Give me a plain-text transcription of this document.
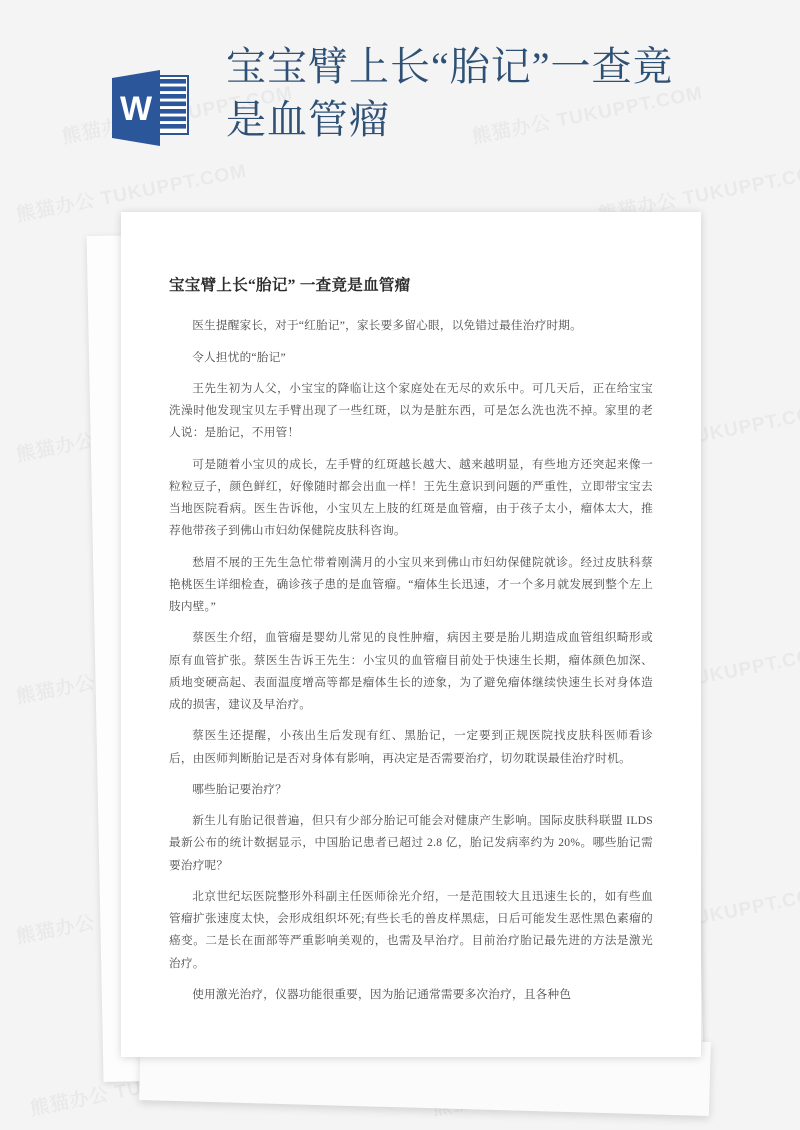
W
宝宝臂上长“胎记”一查竟是血管瘤
宝宝臂上长“胎记” 一查竟是血管瘤

医生提醒家长，对于“红胎记”，家长要多留心眼，以免错过最佳治疗时期。

令人担忧的“胎记”

王先生初为人父，小宝宝的降临让这个家庭处在无尽的欢乐中。可几天后，正在给宝宝洗澡时他发现宝贝左手臂出现了一些红斑，以为是脏东西，可是怎么洗也洗不掉。家里的老人说：是胎记，不用管！

可是随着小宝贝的成长，左手臂的红斑越长越大、越来越明显，有些地方还突起来像一粒粒豆子，颜色鲜红，好像随时都会出血一样！王先生意识到问题的严重性，立即带宝宝去当地医院看病。医生告诉他，小宝贝左上肢的红斑是血管瘤，由于孩子太小，瘤体太大，推荐他带孩子到佛山市妇幼保健院皮肤科咨询。

愁眉不展的王先生急忙带着刚满月的小宝贝来到佛山市妇幼保健院就诊。经过皮肤科蔡艳桃医生详细检查，确诊孩子患的是血管瘤。“瘤体生长迅速，才一个多月就发展到整个左上肢内壁。”

蔡医生介绍，血管瘤是婴幼儿常见的良性肿瘤，病因主要是胎儿期造成血管组织畸形或原有血管扩张。蔡医生告诉王先生：小宝贝的血管瘤目前处于快速生长期，瘤体颜色加深、质地变硬高起、表面温度增高等都是瘤体生长的迹象，为了避免瘤体继续快速生长对身体造成的损害，建议及早治疗。

蔡医生还提醒，小孩出生后发现有红、黑胎记，一定要到正规医院找皮肤科医师看诊后，由医师判断胎记是否对身体有影响，再决定是否需要治疗，切勿耽误最佳治疗时机。

哪些胎记要治疗？

新生儿有胎记很普遍，但只有少部分胎记可能会对健康产生影响。国际皮肤科联盟 ILDS 最新公布的统计数据显示，中国胎记患者已超过 2.8 亿，胎记发病率约为 20%。哪些胎记需要治疗呢？

北京世纪坛医院整形外科副主任医师徐光介绍，一是范围较大且迅速生长的，如有些血管瘤扩张速度太快，会形成组织坏死;有些长毛的兽皮样黑痣，日后可能发生恶性黑色素瘤的癌变。二是长在面部等严重影响美观的，也需及早治疗。目前治疗胎记最先进的方法是激光治疗。

使用激光治疗，仪器功能很重要，因为胎记通常需要多次治疗，且各种色
